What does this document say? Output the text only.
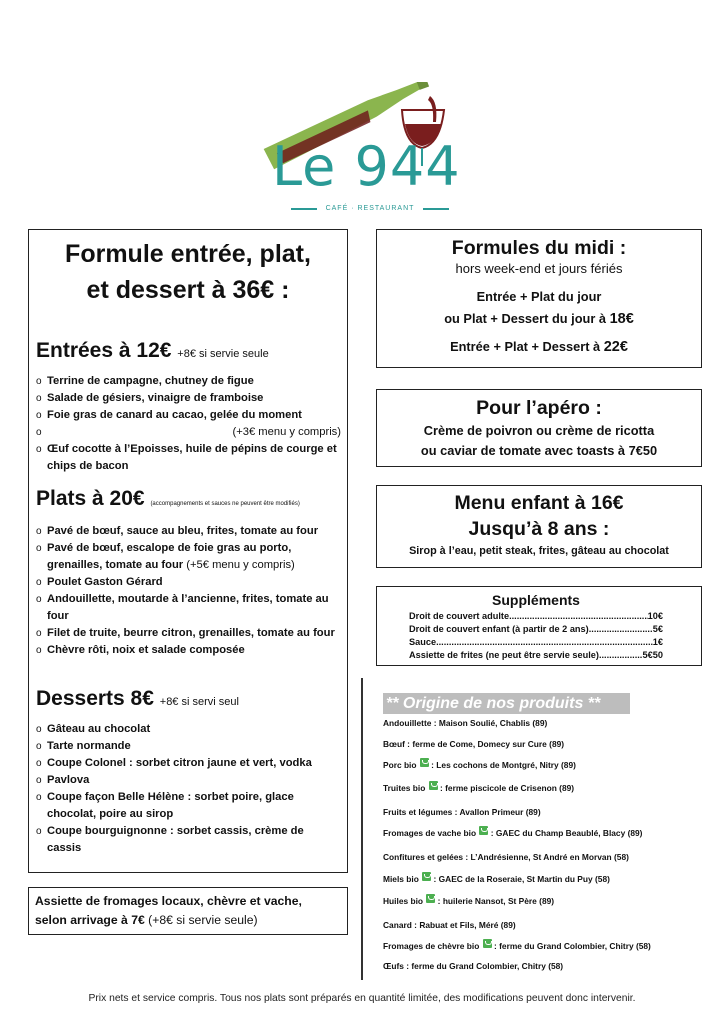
Le 944
CAFÉ · RESTAURANT
Formule entrée, plat,
et dessert à 36€ :

Entrées à 12€ +8€ si servie seule

o Terrine de campagne, chutney de figue
o Salade de gésiers, vinaigre de framboise
o Foie gras de canard au cacao, gelée du moment
o (+3€ menu y compris)
o Œuf cocotte à l’Epoisses, huile de pépins de courge et chips de bacon

Plats à 20€ (accompagnements et sauces ne peuvent être modifiés)

o Pavé de bœuf, sauce au bleu, frites, tomate au four
o Pavé de bœuf, escalope de foie gras au porto, grenailles, tomate au four (+5€ menu y compris)
o Poulet Gaston Gérard
o Andouillette, moutarde à l’ancienne, frites, tomate au four
o Filet de truite, beurre citron, grenailles, tomate au four
o Chèvre rôti, noix et salade composée

Desserts 8€ +8€ si servi seul

o Gâteau au chocolat
o Tarte normande
o Coupe Colonel : sorbet citron jaune et vert, vodka
o Pavlova
o Coupe façon Belle Hélène : sorbet poire, glace chocolat, poire au sirop
o Coupe bourguignonne : sorbet cassis, crème de cassis
Assiette de fromages locaux, chèvre et vache,
selon arrivage à 7€ (+8€ si servie seule)
Formules du midi :
hors week-end et jours fériés
Entrée + Plat du jour
ou Plat + Dessert du jour à 18€
Entrée + Plat + Dessert à 22€
Pour l’apéro :
Crème de poivron ou crème de ricotta
ou caviar de tomate avec toasts à 7€50
Menu enfant à 16€
Jusqu’à 8 ans :
Sirop à l’eau, petit steak, frites, gâteau au chocolat
Suppléments
Droit de couvert adulte .....	10€
Droit de couvert enfant (à partir de 2 ans) .....	5€
Sauce .....	1€
Assiette de frites (ne peut être servie seule) .....	5€50
** Origine de nos produits **

Andouillette : Maison Soulié, Chablis (89)

Bœuf : ferme de Come, Domecy sur Cure (89)

Porc bio  : Les cochons de Montgré, Nitry (89)

Truites bio  : ferme piscicole de Crisenon (89)

Fruits et légumes : Avallon Primeur (89)

Fromages de vache bio  : GAEC du Champ Beaublé, Blacy (89)

Confitures et gelées : L’Andrésienne, St André en Morvan (58)

Miels bio  : GAEC de la Roseraie, St Martin du Puy (58)

Huiles bio  : huilerie Nansot, St Père (89)

Canard : Rabuat et Fils, Méré (89)

Fromages de chèvre bio  : ferme du Grand Colombier, Chitry (58)

Œufs : ferme du Grand Colombier, Chitry (58)

Prix nets et service compris. Tous nos plats sont préparés en quantité limitée, des modifications peuvent donc intervenir.
